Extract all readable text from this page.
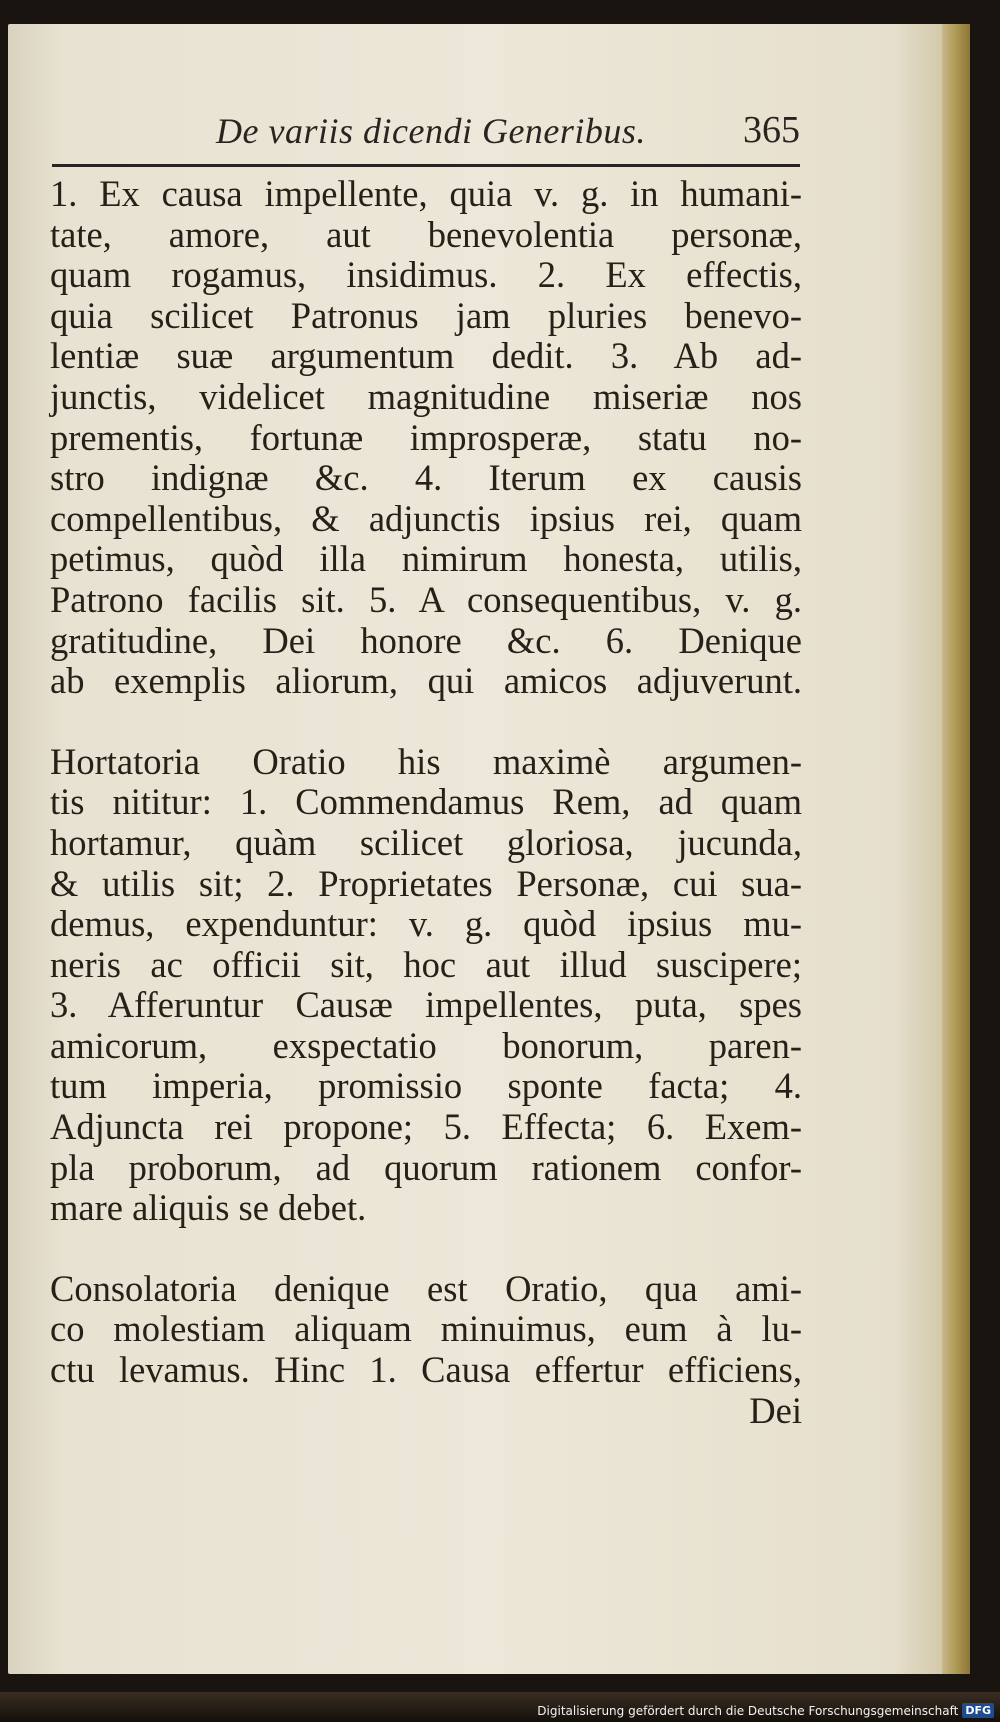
De variis dicendi Generibus.	365
1. Ex causa impellente, quia v. g. in humani-
tate, amore, aut benevolentia personæ,
quam rogamus, insidimus. 2. Ex effectis,
quia scilicet Patronus jam pluries benevo-
lentiæ suæ argumentum dedit. 3. Ab ad-
junctis, videlicet magnitudine miseriæ nos
prementis, fortunæ improsperæ, statu no-
stro indignæ &c. 4. Iterum ex causis
compellentibus, & adjunctis ipsius rei, quam
petimus, quòd illa nimirum honesta, utilis,
Patrono facilis sit. 5. A consequentibus, v. g.
gratitudine, Dei honore &c. 6. Denique
ab exemplis aliorum, qui amicos adjuverunt.
Hortatoria Oratio his maximè argumen-
tis nititur: 1. Commendamus Rem, ad quam
hortamur, quàm scilicet gloriosa, jucunda,
& utilis sit; 2. Proprietates Personæ, cui sua-
demus, expenduntur: v. g. quòd ipsius mu-
neris ac officii sit, hoc aut illud suscipere;
3. Afferuntur Causæ impellentes, puta, spes
amicorum, exspectatio bonorum, paren-
tum imperia, promissio sponte facta; 4.
Adjuncta rei propone; 5. Effecta; 6. Exem-
pla proborum, ad quorum rationem confor-
mare aliquis se debet.
Consolatoria denique est Oratio, qua ami-
co molestiam aliquam minuimus, eum à lu-
ctu levamus. Hinc 1. Causa effertur efficiens,
Dei
Digitalisierung gefördert durch die Deutsche Forschungsgemeinschaft DFG
